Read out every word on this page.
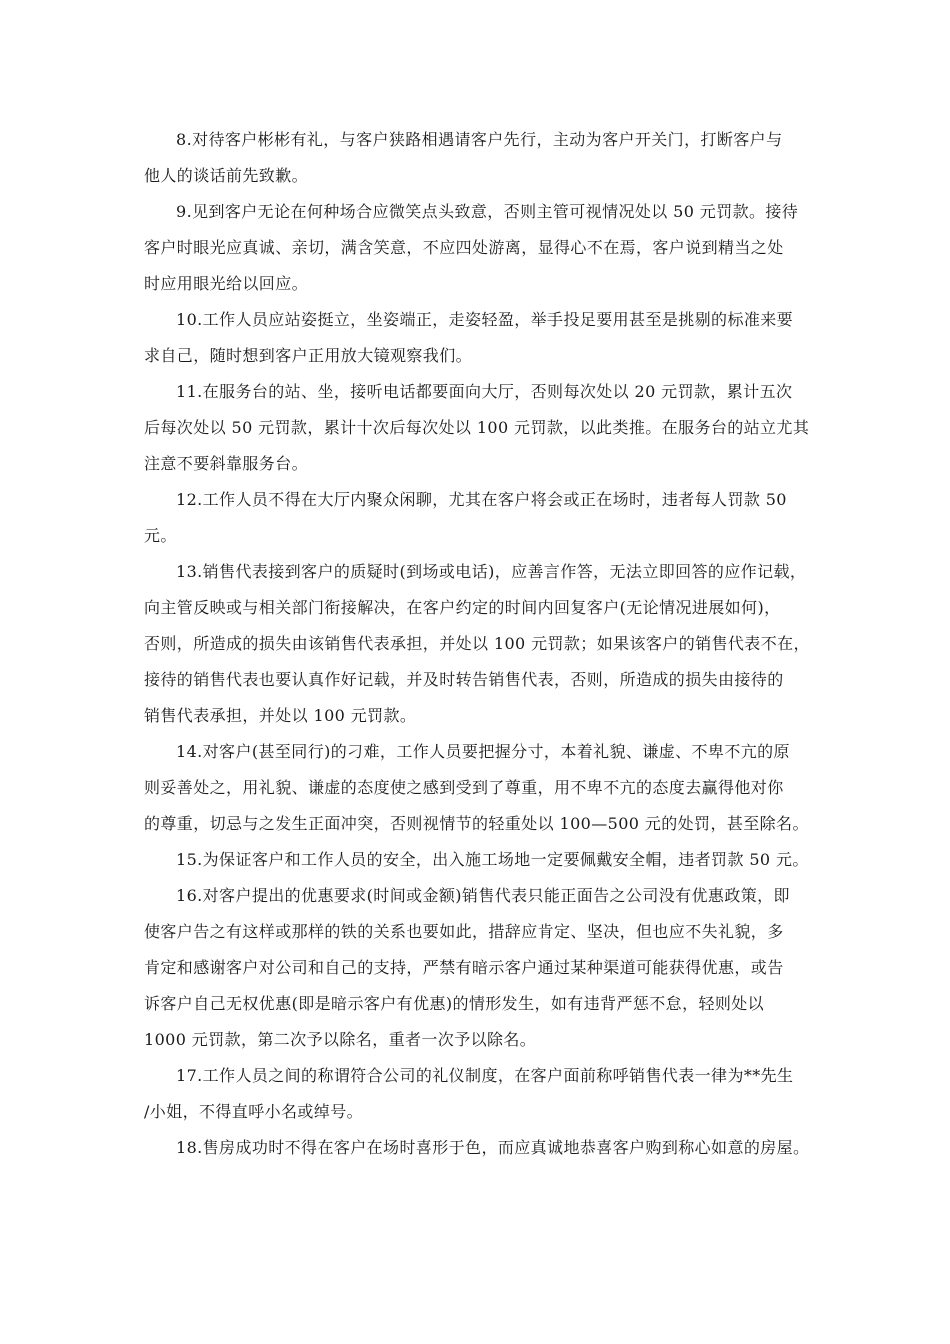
8.对待客户彬彬有礼，与客户狭路相遇请客户先行，主动为客户开关门，打断客户与
他人的谈话前先致歉。
9.见到客户无论在何种场合应微笑点头致意，否则主管可视情况处以 50 元罚款。接待
客户时眼光应真诚、亲切，满含笑意，不应四处游离，显得心不在焉，客户说到精当之处
时应用眼光给以回应。
10.工作人员应站姿挺立，坐姿端正，走姿轻盈，举手投足要用甚至是挑剔的标准来要
求自己，随时想到客户正用放大镜观察我们。
11.在服务台的站、坐，接听电话都要面向大厅，否则每次处以 20 元罚款，累计五次
后每次处以 50 元罚款，累计十次后每次处以 100 元罚款，以此类推。在服务台的站立尤其
注意不要斜靠服务台。
12.工作人员不得在大厅内聚众闲聊，尤其在客户将会或正在场时，违者每人罚款 50
元。
13.销售代表接到客户的质疑时(到场或电话)，应善言作答，无法立即回答的应作记载，
向主管反映或与相关部门衔接解决，在客户约定的时间内回复客户(无论情况进展如何)，
否则，所造成的损失由该销售代表承担，并处以 100 元罚款；如果该客户的销售代表不在，
接待的销售代表也要认真作好记载，并及时转告销售代表，否则，所造成的损失由接待的
销售代表承担，并处以 100 元罚款。
14.对客户(甚至同行)的刁难，工作人员要把握分寸，本着礼貌、谦虚、不卑不亢的原
则妥善处之，用礼貌、谦虚的态度使之感到受到了尊重，用不卑不亢的态度去赢得他对你
的尊重，切忌与之发生正面冲突，否则视情节的轻重处以 100—500 元的处罚，甚至除名。
15.为保证客户和工作人员的安全，出入施工场地一定要佩戴安全帽，违者罚款 50 元。
16.对客户提出的优惠要求(时间或金额)销售代表只能正面告之公司没有优惠政策，即
使客户告之有这样或那样的铁的关系也要如此，措辞应肯定、坚决，但也应不失礼貌，多
肯定和感谢客户对公司和自己的支持，严禁有暗示客户通过某种渠道可能获得优惠，或告
诉客户自己无权优惠(即是暗示客户有优惠)的情形发生，如有违背严惩不怠，轻则处以
1000 元罚款，第二次予以除名，重者一次予以除名。
17.工作人员之间的称谓符合公司的礼仪制度，在客户面前称呼销售代表一律为**先生
/小姐，不得直呼小名或绰号。
18.售房成功时不得在客户在场时喜形于色，而应真诚地恭喜客户购到称心如意的房屋。
